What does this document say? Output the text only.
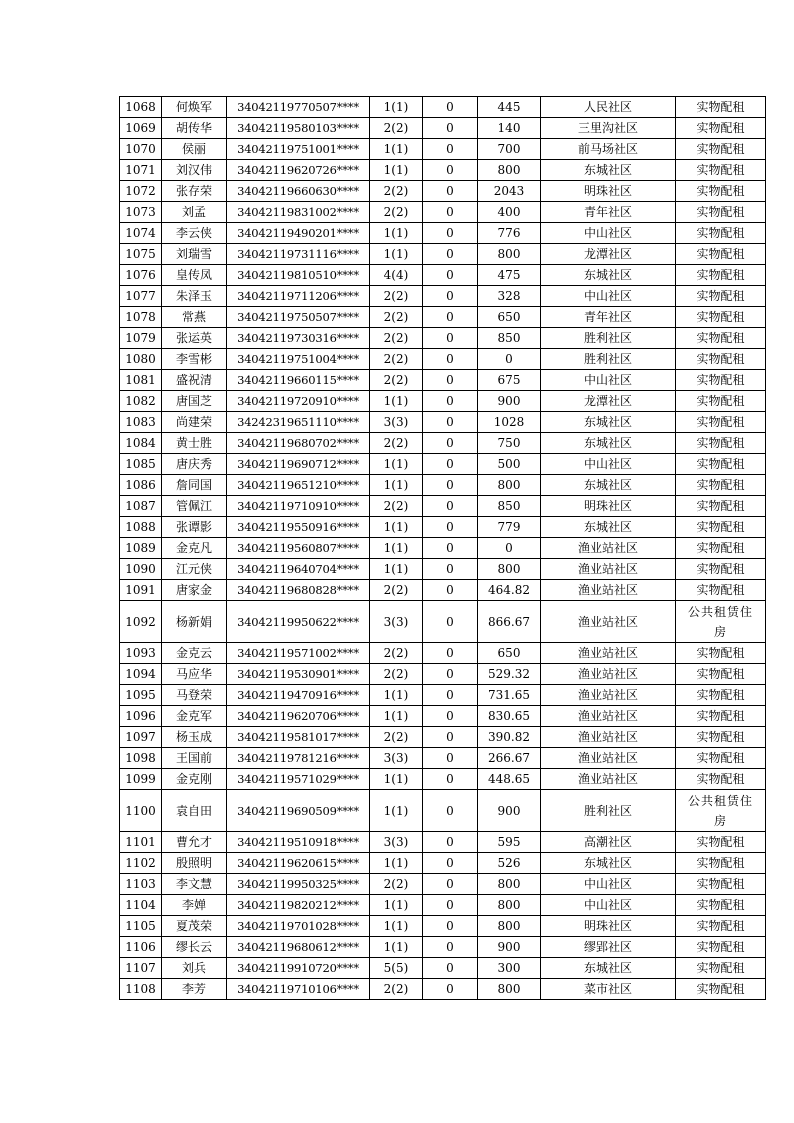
1068	何焕军	34042119770507****	1(1)	0	445	人民社区	实物配租
1069	胡传华	34042119580103****	2(2)	0	140	三里沟社区	实物配租
1070	侯丽	34042119751001****	1(1)	0	700	前马场社区	实物配租
1071	刘汉伟	34042119620726****	1(1)	0	800	东城社区	实物配租
1072	张存荣	34042119660630****	2(2)	0	2043	明珠社区	实物配租
1073	刘孟	34042119831002****	2(2)	0	400	青年社区	实物配租
1074	李云侠	34042119490201****	1(1)	0	776	中山社区	实物配租
1075	刘瑞雪	34042119731116****	1(1)	0	800	龙潭社区	实物配租
1076	皇传凤	34042119810510****	4(4)	0	475	东城社区	实物配租
1077	朱泽玉	34042119711206****	2(2)	0	328	中山社区	实物配租
1078	常燕	34042119750507****	2(2)	0	650	青年社区	实物配租
1079	张运英	34042119730316****	2(2)	0	850	胜利社区	实物配租
1080	李雪彬	34042119751004****	2(2)	0	0	胜利社区	实物配租
1081	盛祝清	34042119660115****	2(2)	0	675	中山社区	实物配租
1082	唐国芝	34042119720910****	1(1)	0	900	龙潭社区	实物配租
1083	尚建荣	34242319651110****	3(3)	0	1028	东城社区	实物配租
1084	黄士胜	34042119680702****	2(2)	0	750	东城社区	实物配租
1085	唐庆秀	34042119690712****	1(1)	0	500	中山社区	实物配租
1086	詹同国	34042119651210****	1(1)	0	800	东城社区	实物配租
1087	管佩江	34042119710910****	2(2)	0	850	明珠社区	实物配租
1088	张谭影	34042119550916****	1(1)	0	779	东城社区	实物配租
1089	金克凡	34042119560807****	1(1)	0	0	渔业站社区	实物配租
1090	江元侠	34042119640704****	1(1)	0	800	渔业站社区	实物配租
1091	唐家金	34042119680828****	2(2)	0	464.82	渔业站社区	实物配租
1092	杨新娟	34042119950622****	3(3)	0	866.67	渔业站社区	公共租赁住房
1093	金克云	34042119571002****	2(2)	0	650	渔业站社区	实物配租
1094	马应华	34042119530901****	2(2)	0	529.32	渔业站社区	实物配租
1095	马登荣	34042119470916****	1(1)	0	731.65	渔业站社区	实物配租
1096	金克军	34042119620706****	1(1)	0	830.65	渔业站社区	实物配租
1097	杨玉成	34042119581017****	2(2)	0	390.82	渔业站社区	实物配租
1098	王国前	34042119781216****	3(3)	0	266.67	渔业站社区	实物配租
1099	金克刚	34042119571029****	1(1)	0	448.65	渔业站社区	实物配租
1100	袁自田	34042119690509****	1(1)	0	900	胜利社区	公共租赁住房
1101	曹允才	34042119510918****	3(3)	0	595	高潮社区	实物配租
1102	殷照明	34042119620615****	1(1)	0	526	东城社区	实物配租
1103	李文慧	34042119950325****	2(2)	0	800	中山社区	实物配租
1104	李婵	34042119820212****	1(1)	0	800	中山社区	实物配租
1105	夏茂荣	34042119701028****	1(1)	0	800	明珠社区	实物配租
1106	缪长云	34042119680612****	1(1)	0	900	缪郢社区	实物配租
1107	刘兵	34042119910720****	5(5)	0	300	东城社区	实物配租
1108	李芳	34042119710106****	2(2)	0	800	菜市社区	实物配租
